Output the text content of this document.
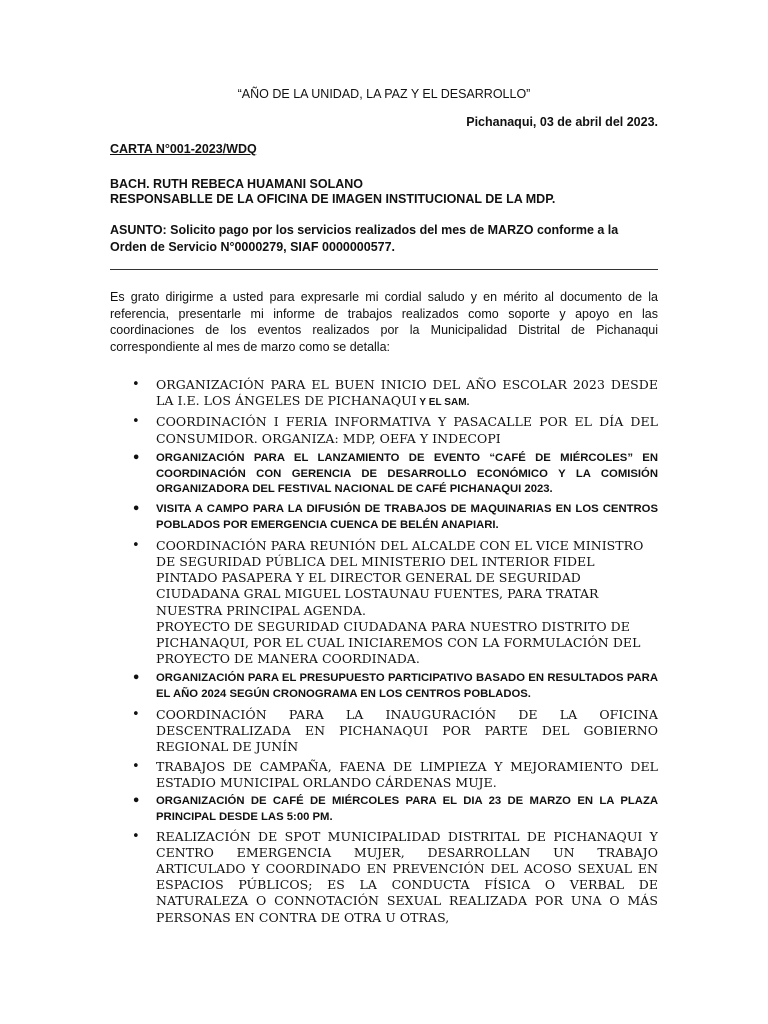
“AÑO DE LA UNIDAD, LA PAZ Y EL DESARROLLO”
Pichanaqui, 03 de abril del 2023.
CARTA N°001-2023/WDQ
BACH. RUTH REBECA HUAMANI SOLANO
RESPONSABLLE DE LA OFICINA DE IMAGEN INSTITUCIONAL DE LA MDP.
ASUNTO: Solicito pago por los servicios realizados del mes de MARZO conforme a la Orden de Servicio N°0000279, SIAF 0000000577.
Es grato dirigirme a usted para expresarle mi cordial saludo y en mérito al documento de la referencia, presentarle mi informe de trabajos realizados como soporte y apoyo en las coordinaciones de los eventos realizados por la Municipalidad Distrital de Pichanaqui correspondiente al mes de marzo como se detalla:
•	ORGANIZACIÓN PARA EL BUEN INICIO DEL AÑO ESCOLAR 2023 DESDE LA I.E. LOS ÁNGELES DE PICHANAQUI Y EL SAM.
•	COORDINACIÓN I FERIA INFORMATIVA Y PASACALLE POR EL DÍA DEL CONSUMIDOR. ORGANIZA: MDP, OEFA Y INDECOPI
•	ORGANIZACIÓN PARA EL LANZAMIENTO DE EVENTO “CAFÉ DE MIÉRCOLES” EN COORDINACIÓN CON GERENCIA DE DESARROLLO ECONÓMICO Y LA COMISIÓN ORGANIZADORA DEL FESTIVAL NACIONAL DE CAFÉ PICHANAQUI 2023.
•	VISITA A CAMPO PARA LA DIFUSIÓN DE TRABAJOS DE MAQUINARIAS EN LOS CENTROS POBLADOS POR EMERGENCIA CUENCA DE BELÉN ANAPIARI.
•	COORDINACIÓN PARA REUNIÓN DEL ALCALDE CON EL VICE MINISTRO DE SEGURIDAD PÚBLICA DEL MINISTERIO DEL INTERIOR FIDEL PINTADO PASAPERA Y EL DIRECTOR GENERAL DE SEGURIDAD CIUDADANA GRAL MIGUEL LOSTAUNAU FUENTES, PARA TRATAR NUESTRA PRINCIPAL AGENDA.
PROYECTO DE SEGURIDAD CIUDADANA PARA NUESTRO DISTRITO DE PICHANAQUI, POR EL CUAL INICIAREMOS CON LA FORMULACIÓN DEL PROYECTO DE MANERA COORDINADA.
•	ORGANIZACIÓN PARA EL PRESUPUESTO PARTICIPATIVO BASADO EN RESULTADOS PARA EL AÑO 2024 SEGÚN CRONOGRAMA EN LOS CENTROS POBLADOS.
•	COORDINACIÓN PARA LA INAUGURACIÓN DE LA OFICINA DESCENTRALIZADA EN PICHANAQUI POR PARTE DEL GOBIERNO REGIONAL DE JUNÍN
•	TRABAJOS DE CAMPAÑA, FAENA DE LIMPIEZA Y MEJORAMIENTO DEL ESTADIO MUNICIPAL ORLANDO CÁRDENAS MUJE.
•	ORGANIZACIÓN DE CAFÉ DE MIÉRCOLES PARA EL DIA 23 DE MARZO EN LA PLAZA PRINCIPAL DESDE LAS 5:00 PM.
•	REALIZACIÓN DE SPOT MUNICIPALIDAD DISTRITAL DE PICHANAQUI Y CENTRO EMERGENCIA MUJER, DESARROLLAN UN TRABAJO ARTICULADO Y COORDINADO EN PREVENCIÓN DEL ACOSO SEXUAL EN ESPACIOS PÚBLICOS; ES LA CONDUCTA FÍSICA O VERBAL DE NATURALEZA O CONNOTACIÓN SEXUAL REALIZADA POR UNA O MÁS PERSONAS EN CONTRA DE OTRA U OTRAS,
